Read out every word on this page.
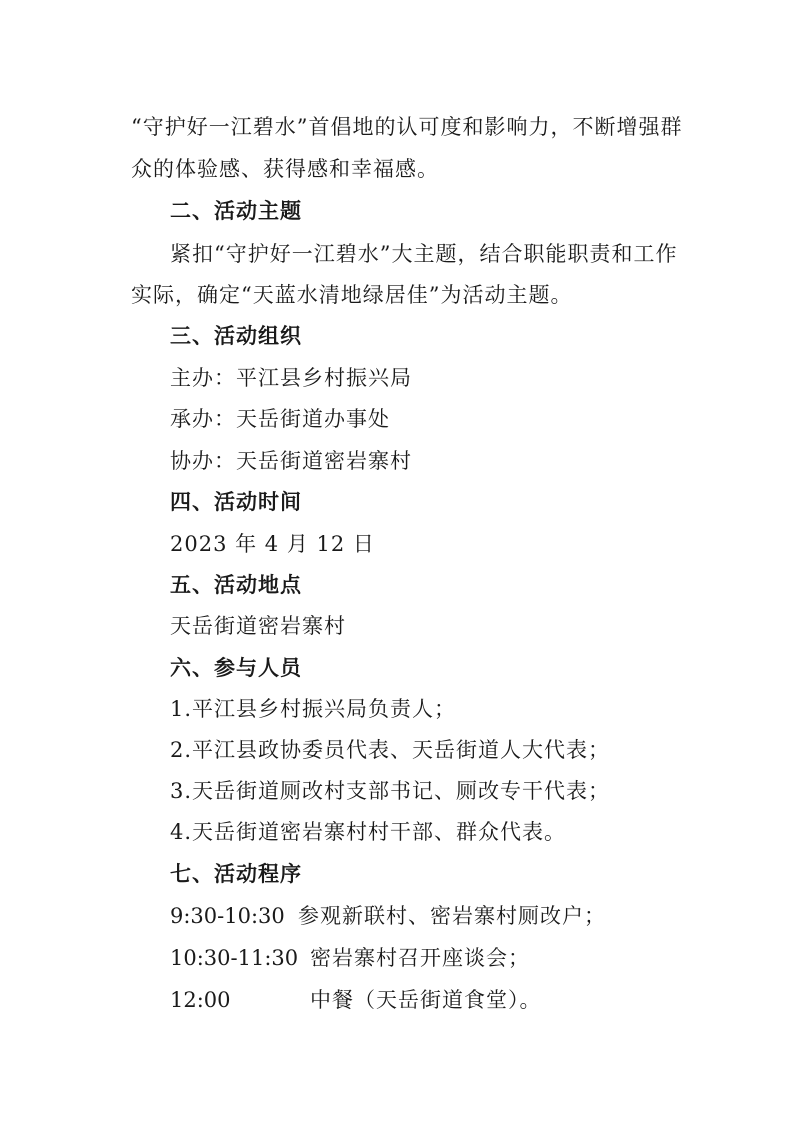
“守护好一江碧水”首倡地的认可度和影响力，不断增强群
众的体验感、获得感和幸福感。
二、活动主题
紧扣“守护好一江碧水”大主题，结合职能职责和工作
实际，确定“天蓝水清地绿居佳”为活动主题。
三、活动组织
主办：平江县乡村振兴局
承办：天岳街道办事处
协办：天岳街道密岩寨村
四、活动时间
2023 年 4 月 12 日
五、活动地点
天岳街道密岩寨村
六、参与人员
1.平江县乡村振兴局负责人；
2.平江县政协委员代表、天岳街道人大代表；
3.天岳街道厕改村支部书记、厕改专干代表；
4.天岳街道密岩寨村村干部、群众代表。
七、活动程序
9:30-10:30 参观新联村、密岩寨村厕改户；
10:30-11:30 密岩寨村召开座谈会；
12:00	中餐（天岳街道食堂）。
